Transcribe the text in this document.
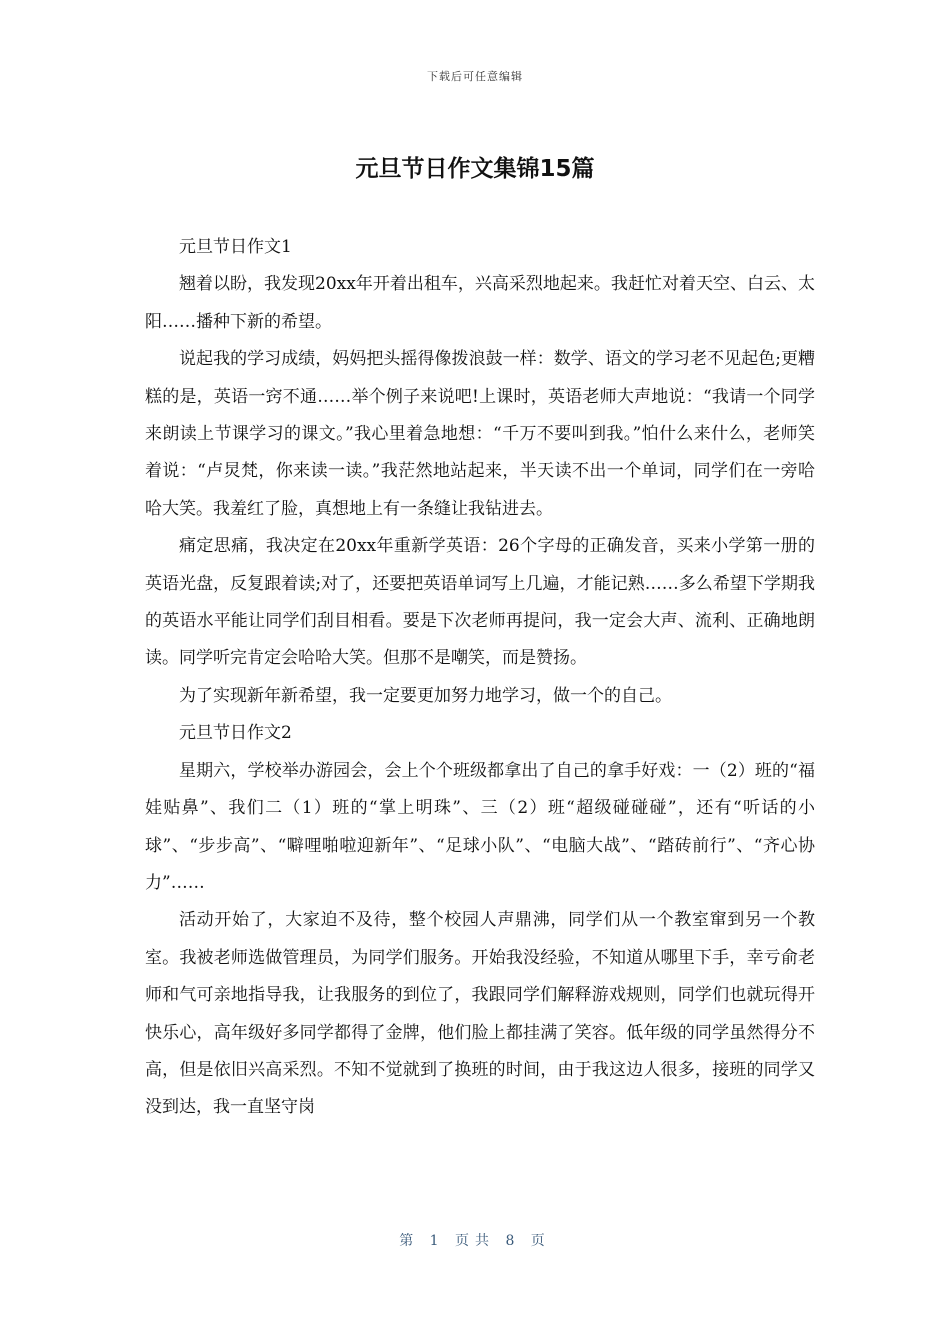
下载后可任意编辑
元旦节日作文集锦15篇

元旦节日作文1

翘着以盼，我发现20xx年开着出租车，兴高采烈地起来。我赶忙对着天空、白云、太阳……播种下新的希望。

说起我的学习成绩，妈妈把头摇得像拨浪鼓一样：数学、语文的学习老不见起色;更糟糕的是，英语一窍不通……举个例子来说吧!上课时，英语老师大声地说：“我请一个同学来朗读上节课学习的课文。”我心里着急地想：“千万不要叫到我。”怕什么来什么，老师笑着说：“卢炅梵，你来读一读。”我茫然地站起来，半天读不出一个单词，同学们在一旁哈哈大笑。我羞红了脸，真想地上有一条缝让我钻进去。

痛定思痛，我决定在20xx年重新学英语：26个字母的正确发音，买来小学第一册的英语光盘，反复跟着读;对了，还要把英语单词写上几遍，才能记熟……多么希望下学期我的英语水平能让同学们刮目相看。要是下次老师再提问，我一定会大声、流利、正确地朗读。同学听完肯定会哈哈大笑。但那不是嘲笑，而是赞扬。

为了实现新年新希望，我一定要更加努力地学习，做一个的自己。

元旦节日作文2

星期六，学校举办游园会，会上个个班级都拿出了自己的拿手好戏：一（2）班的“福娃贴鼻”、我们二（1）班的“掌上明珠”、三（2）班“超级碰碰碰”，还有“听话的小球”、“步步高”、“噼哩啪啦迎新年”、“足球小队”、“电脑大战”、“踏砖前行”、“齐心协力”……

活动开始了，大家迫不及待，整个校园人声鼎沸，同学们从一个教室窜到另一个教室。我被老师选做管理员，为同学们服务。开始我没经验，不知道从哪里下手，幸亏俞老师和气可亲地指导我，让我服务的到位了，我跟同学们解释游戏规则，同学们也就玩得开快乐心，高年级好多同学都得了金牌，他们脸上都挂满了笑容。低年级的同学虽然得分不高，但是依旧兴高采烈。不知不觉就到了换班的时间，由于我这边人很多，接班的同学又没到达，我一直坚守岗

第 1 页共 8 页
